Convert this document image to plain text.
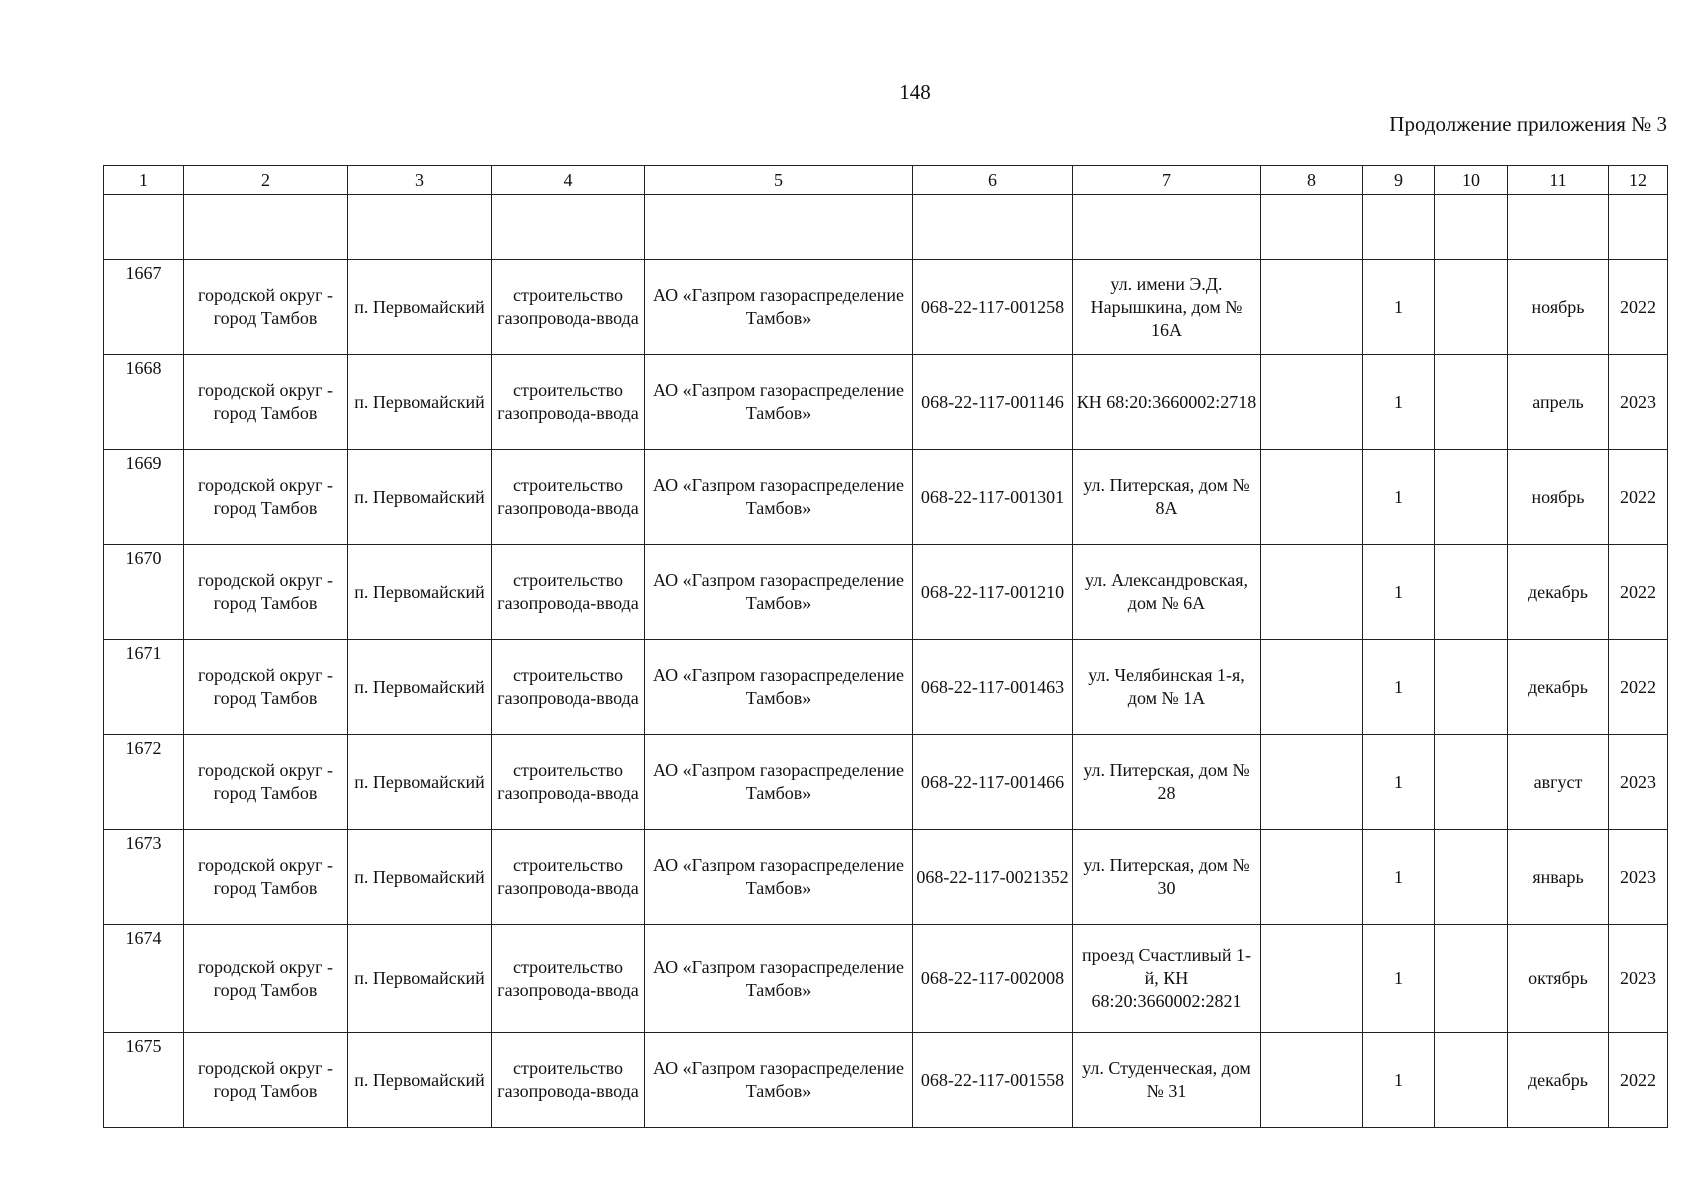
148
Продолжение приложения № 3
1	2	3	4	5	6	7	8	9	10	11	12

1667	городской округ - город Тамбов	п. Первомайский	строительство газопровода-ввода	АО «Газпром газораспределение Тамбов»	068-22-117-001258	ул. имени Э.Д. Нарышкина, дом № 16А		1		ноябрь	2022
1668	городской округ - город Тамбов	п. Первомайский	строительство газопровода-ввода	АО «Газпром газораспределение Тамбов»	068-22-117-001146	КН 68:20:3660002:2718		1		апрель	2023
1669	городской округ - город Тамбов	п. Первомайский	строительство газопровода-ввода	АО «Газпром газораспределение Тамбов»	068-22-117-001301	ул. Питерская, дом № 8А		1		ноябрь	2022
1670	городской округ - город Тамбов	п. Первомайский	строительство газопровода-ввода	АО «Газпром газораспределение Тамбов»	068-22-117-001210	ул. Александровская, дом № 6А		1		декабрь	2022
1671	городской округ - город Тамбов	п. Первомайский	строительство газопровода-ввода	АО «Газпром газораспределение Тамбов»	068-22-117-001463	ул. Челябинская 1-я, дом № 1А		1		декабрь	2022
1672	городской округ - город Тамбов	п. Первомайский	строительство газопровода-ввода	АО «Газпром газораспределение Тамбов»	068-22-117-001466	ул. Питерская, дом № 28		1		август	2023
1673	городской округ - город Тамбов	п. Первомайский	строительство газопровода-ввода	АО «Газпром газораспределение Тамбов»	068-22-117-0021352	ул. Питерская, дом № 30		1		январь	2023
1674	городской округ - город Тамбов	п. Первомайский	строительство газопровода-ввода	АО «Газпром газораспределение Тамбов»	068-22-117-002008	проезд Счастливый 1-й, КН 68:20:3660002:2821		1		октябрь	2023
1675	городской округ - город Тамбов	п. Первомайский	строительство газопровода-ввода	АО «Газпром газораспределение Тамбов»	068-22-117-001558	ул. Студенческая, дом № 31		1		декабрь	2022
